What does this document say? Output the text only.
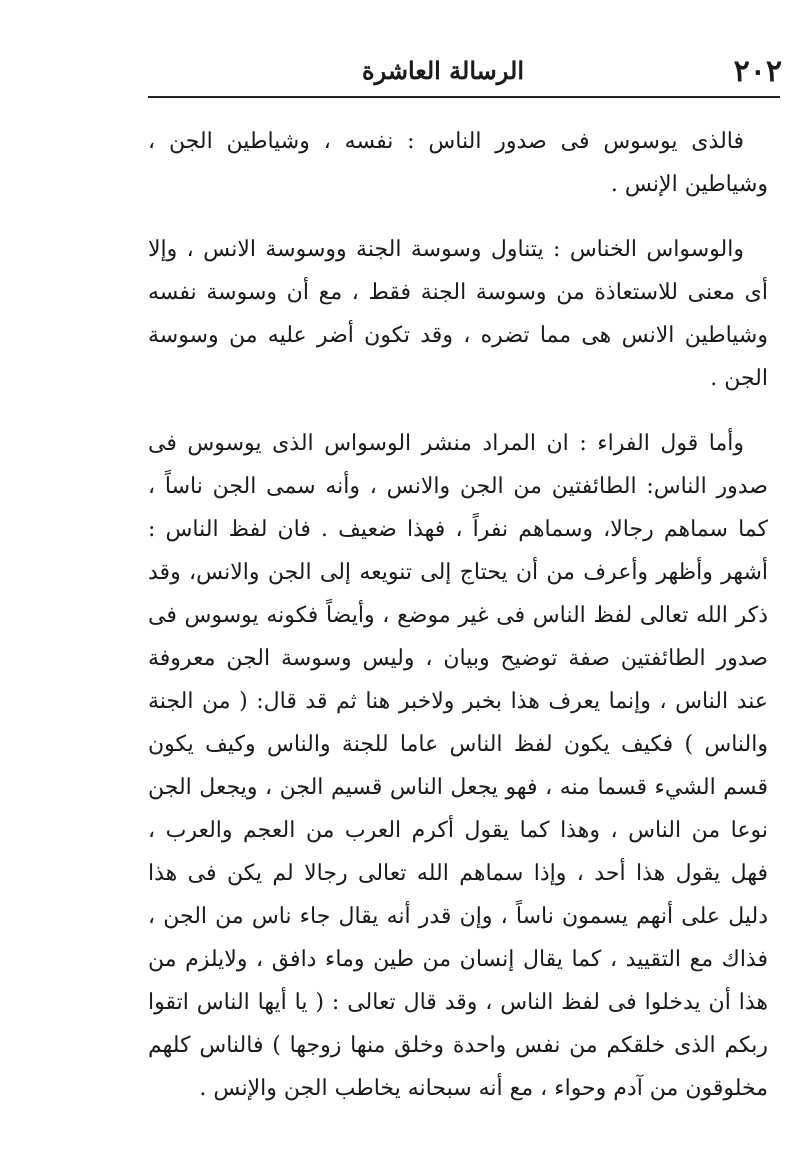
٢٠٢
الرسالة العاشرة

فالذى يوسوس فى صدور الناس : نفسه ، وشياطين الجن ، وشياطين الإنس .

والوسواس الخناس : يتناول وسوسة الجنة ووسوسة الانس ، وإلا أى معنى للاستعاذة من وسوسة الجنة فقط ، مع أن وسوسة نفسه وشياطين الانس هى مما تضره ، وقد تكون أضر عليه من وسوسة الجن .

وأما قول الفراء : ان المراد منشر الوسواس الذى يوسوس فى صدور الناس: الطائفتين من الجن والانس ، وأنه سمى الجن ناساً ، كما سماهم رجالا، وسماهم نفراً ، فهذا ضعيف . فان لفظ الناس : أشهر وأظهر وأعرف من أن يحتاج إلى تنويعه إلى الجن والانس، وقد ذكر الله تعالى لفظ الناس فى غير موضع ، وأيضاً فكونه يوسوس فى صدور الطائفتين صفة توضيح وبيان ، وليس وسوسة الجن معروفة عند الناس ، وإنما يعرف هذا بخبر ولاخبر هنا ثم قد قال: ( من الجنة والناس ) فكيف يكون لفظ الناس عاما للجنة والناس وكيف يكون قسم الشيء قسما منه ، فهو يجعل الناس قسيم الجن ، ويجعل الجن نوعا من الناس ، وهذا كما يقول أكرم العرب من العجم والعرب ، فهل يقول هذا أحد ، وإذا سماهم الله تعالى رجالا لم يكن فى هذا دليل على أنهم يسمون ناساً ، وإن قدر أنه يقال جاء ناس من الجن ، فذاك مع التقييد ، كما يقال إنسان من طين وماء دافق ، ولايلزم من هذا أن يدخلوا فى لفظ الناس ، وقد قال تعالى : ( يا أيها الناس اتقوا ربكم الذى خلقكم من نفس واحدة وخلق منها زوجها ) فالناس كلهم مخلوقون من آدم وحواء ، مع أنه سبحانه يخاطب الجن والإنس .
